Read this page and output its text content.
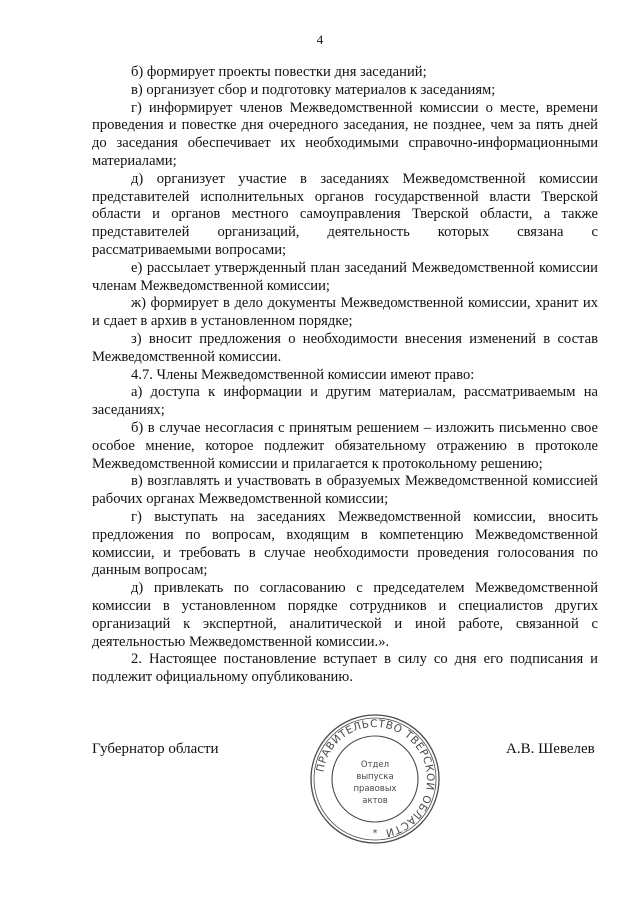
4

б) формирует проекты повестки дня заседаний;

в) организует сбор и подготовку материалов к заседаниям;

г) информирует членов Межведомственной комиссии о месте, времени проведения и повестке дня очередного заседания, не позднее, чем за пять дней до заседания обеспечивает их необходимыми справочно-информационными материалами;

д) организует участие в заседаниях Межведомственной комиссии представителей исполнительных органов государственной власти Тверской области и органов местного самоуправления Тверской области, а также представителей организаций, деятельность которых связана с рассматриваемыми вопросами;

е) рассылает утвержденный план заседаний Межведомственной комиссии членам Межведомственной комиссии;

ж) формирует в дело документы Межведомственной комиссии, хранит их и сдает в архив в установленном порядке;

з) вносит предложения о необходимости внесения изменений в состав Межведомственной комиссии.

4.7. Члены Межведомственной комиссии имеют право:

а) доступа к информации и другим материалам, рассматриваемым на заседаниях;

б) в случае несогласия с принятым решением – изложить письменно свое особое мнение, которое подлежит обязательному отражению в протоколе Межведомственной комиссии и прилагается к протокольному решению;

в) возглавлять и участвовать в образуемых Межведомственной комиссией рабочих органах Межведомственной комиссии;

г) выступать на заседаниях Межведомственной комиссии, вносить предложения по вопросам, входящим в компетенцию Межведомственной комиссии, и требовать в случае необходимости проведения голосования по данным вопросам;

д) привлекать по согласованию с председателем Межведомственной комиссии в установленном порядке сотрудников и специалистов других организаций к экспертной, аналитической и иной работе, связанной с деятельностью Межведомственной комиссии.».

2. Настоящее постановление вступает в силу со дня его подписания и подлежит официальному опубликованию.

Губернатор области	А.В. Шевелев
ПРАВИТЕЛЬСТВО ТВЕРСКОЙ ОБЛАСТИ
Отдел
выпуска
правовых
актов
*
